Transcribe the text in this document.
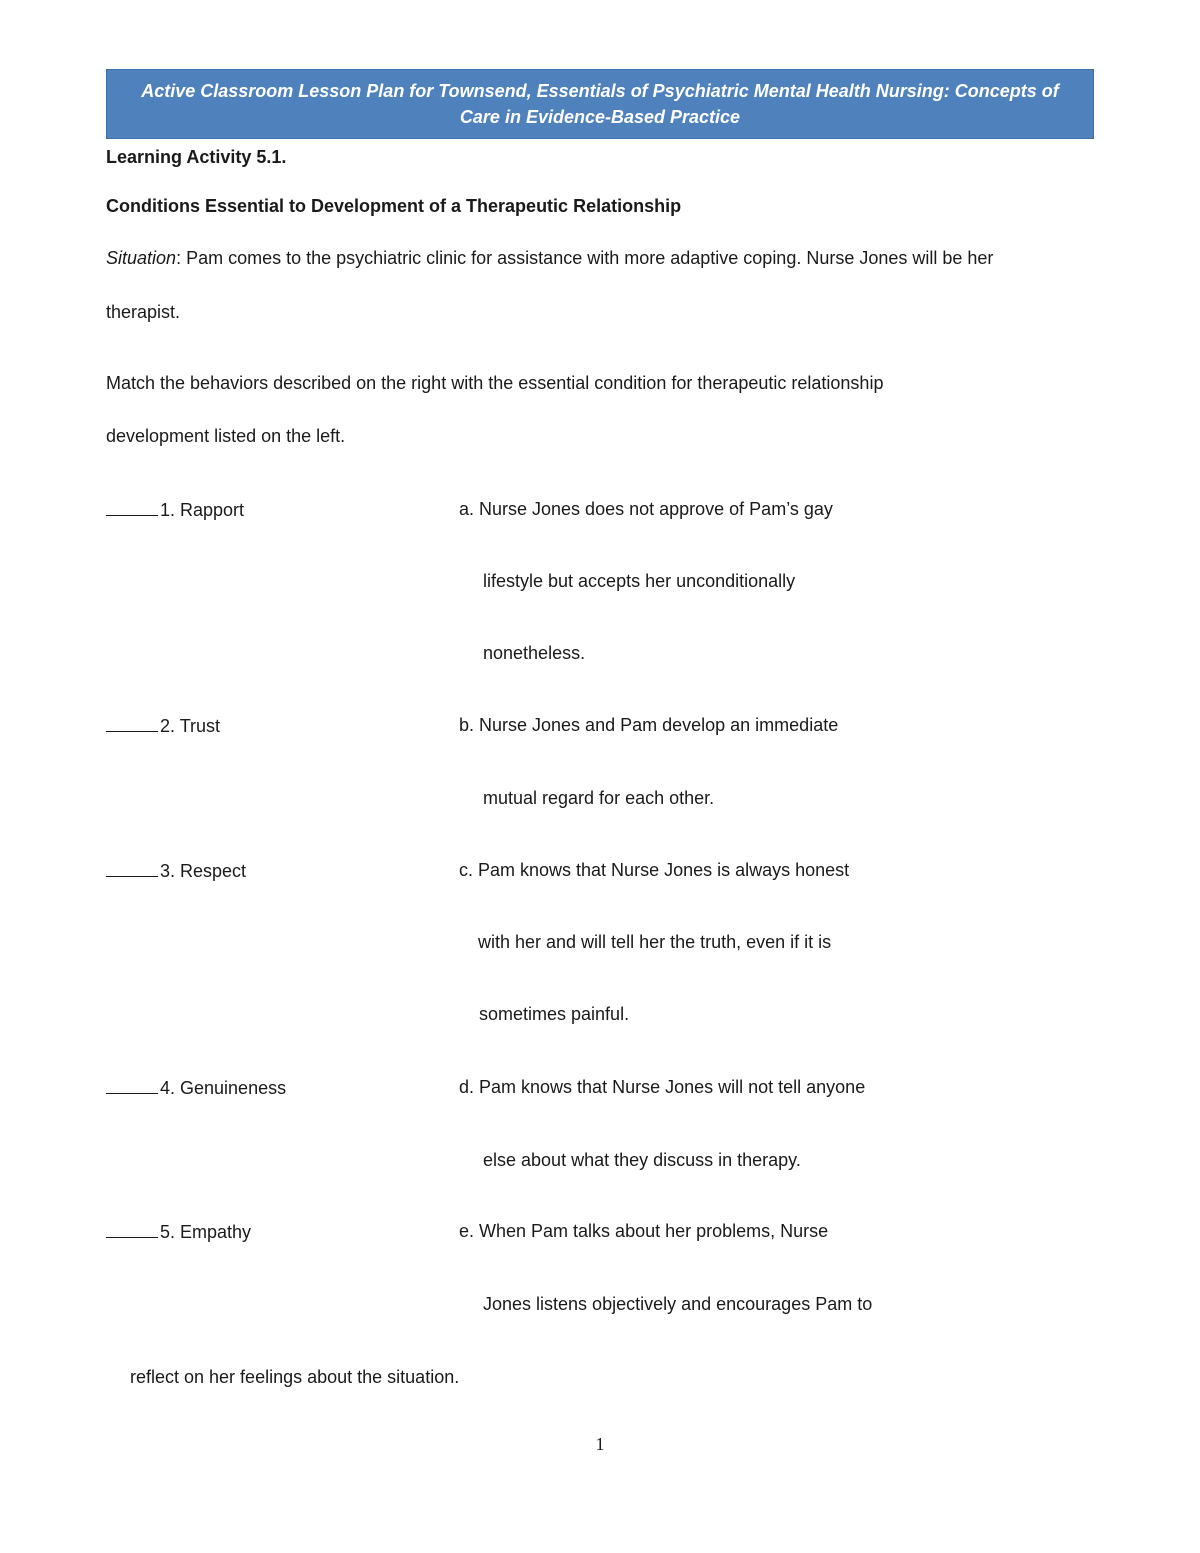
Active Classroom Lesson Plan for Townsend, Essentials of Psychiatric Mental Health Nursing: Concepts of Care in Evidence-Based Practice
Learning Activity 5.1.
Conditions Essential to Development of a Therapeutic Relationship
Situation: Pam comes to the psychiatric clinic for assistance with more adaptive coping. Nurse Jones will be her
therapist.
Match the behaviors described on the right with the essential condition for therapeutic relationship
development listed on the left.
1. Rapport	a. Nurse Jones does not approve of Pam’s gay
lifestyle but accepts her unconditionally
nonetheless.
2. Trust	b. Nurse Jones and Pam develop an immediate
mutual regard for each other.
3. Respect	c. Pam knows that Nurse Jones is always honest
with her and will tell her the truth, even if it is
sometimes painful.
4. Genuineness	d. Pam knows that Nurse Jones will not tell anyone
else about what they discuss in therapy.
5. Empathy	e. When Pam talks about her problems, Nurse
Jones listens objectively and encourages Pam to
reflect on her feelings about the situation.
1
